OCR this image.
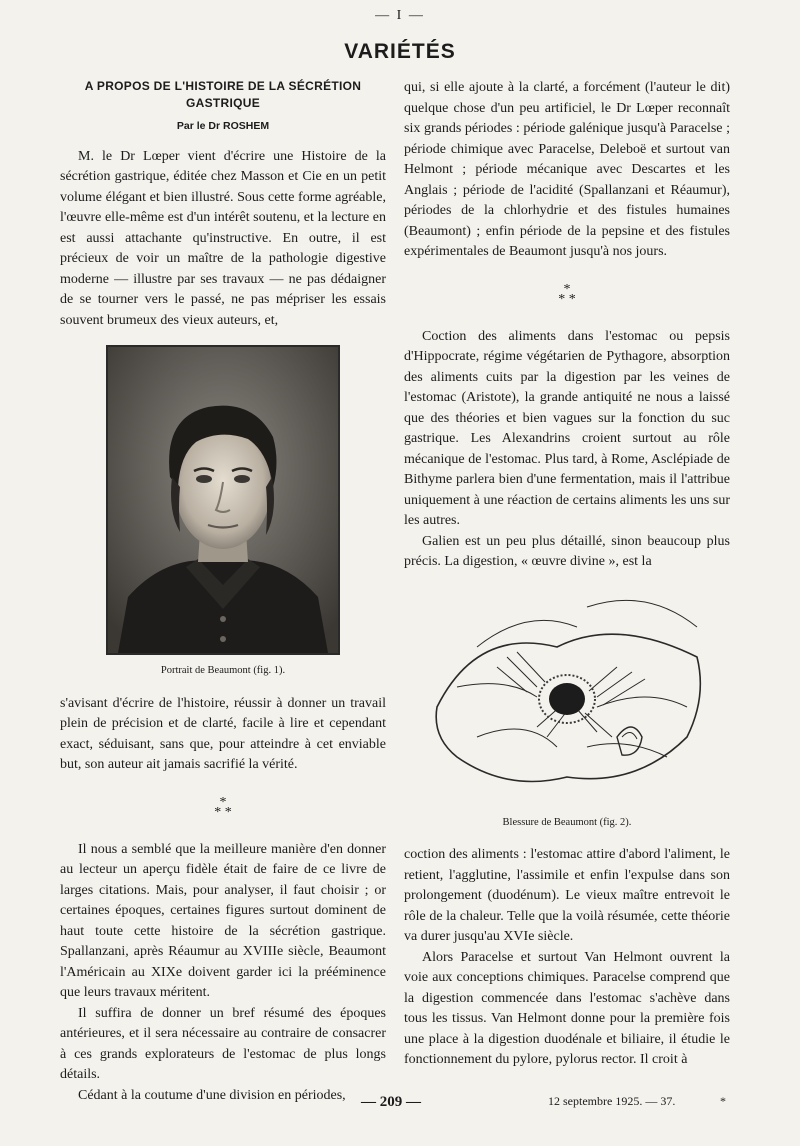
— I —
VARIÉTÉS
A PROPOS DE L'HISTOIRE DE LA SÉCRÉTION GASTRIQUE
Par le Dr ROSHEM

M. le Dr Lœper vient d'écrire une Histoire de la sécrétion gastrique, éditée chez Masson et Cie en un petit volume élégant et bien illustré. Sous cette forme agréable, l'œuvre elle-même est d'un intérêt soutenu, et la lecture en est aussi attachante qu'instructive. En outre, il est précieux de voir un maître de la pathologie digestive moderne — illustre par ses travaux — ne pas dédaigner de se tourner vers le passé, ne pas mépriser les essais souvent brumeux des vieux auteurs, et,

Portrait de Beaumont (fig. 1).

s'avisant d'écrire de l'histoire, réussir à donner un travail plein de précision et de clarté, facile à lire et cependant exact, séduisant, sans que, pour atteindre à cet enviable but, son auteur ait jamais sacrifié la vérité.

*
* *

Il nous a semblé que la meilleure manière d'en donner au lecteur un aperçu fidèle était de faire de ce livre de larges citations. Mais, pour analyser, il faut choisir ; or certaines époques, certaines figures surtout dominent de haut toute cette histoire de la sécrétion gastrique. Spallanzani, après Réaumur au XVIIIe siècle, Beaumont l'Américain au XIXe doivent garder ici la prééminence que leurs travaux méritent.

Il suffira de donner un bref résumé des époques antérieures, et il sera nécessaire au contraire de consacrer à ces grands explorateurs de l'estomac de plus longs détails.

Cédant à la coutume d'une division en périodes,

qui, si elle ajoute à la clarté, a forcément (l'auteur le dit) quelque chose d'un peu artificiel, le Dr Lœper reconnaît six grands périodes : période galénique jusqu'à Paracelse ; période chimique avec Paracelse, Deleboë et surtout van Helmont ; période mécanique avec Descartes et les Anglais ; période de l'acidité (Spallanzani et Réaumur), périodes de la chlorhydrie et des fistules humaines (Beaumont) ; enfin période de la pepsine et des fistules expérimentales de Beaumont jusqu'à nos jours.

*
* *

Coction des aliments dans l'estomac ou pepsis d'Hippocrate, régime végétarien de Pythagore, absorption des aliments cuits par la digestion par les veines de l'estomac (Aristote), la grande antiquité ne nous a laissé que des théories et bien vagues sur la fonction du suc gastrique. Les Alexandrins croient surtout au rôle mécanique de l'estomac. Plus tard, à Rome, Asclépiade de Bithyme parlera bien d'une fermentation, mais il l'attribue uniquement à une réaction de certains aliments les uns sur les autres.

Galien est un peu plus détaillé, sinon beaucoup plus précis. La digestion, « œuvre divine », est la

Blessure de Beaumont (fig. 2).

coction des aliments : l'estomac attire d'abord l'aliment, le retient, l'agglutine, l'assimile et enfin l'expulse dans son prolongement (duodénum). Le vieux maître entrevoit le rôle de la chaleur. Telle que la voilà résumée, cette théorie va durer jusqu'au XVIe siècle.

Alors Paracelse et surtout Van Helmont ouvrent la voie aux conceptions chimiques. Paracelse comprend que la digestion commencée dans l'estomac s'achève dans tous les tissus. Van Helmont donne pour la première fois une place à la digestion duodénale et biliaire, il étudie le fonctionnement du pylore, pylorus rector. Il croit à

— 209 —	12 septembre 1925. — 37.	*
